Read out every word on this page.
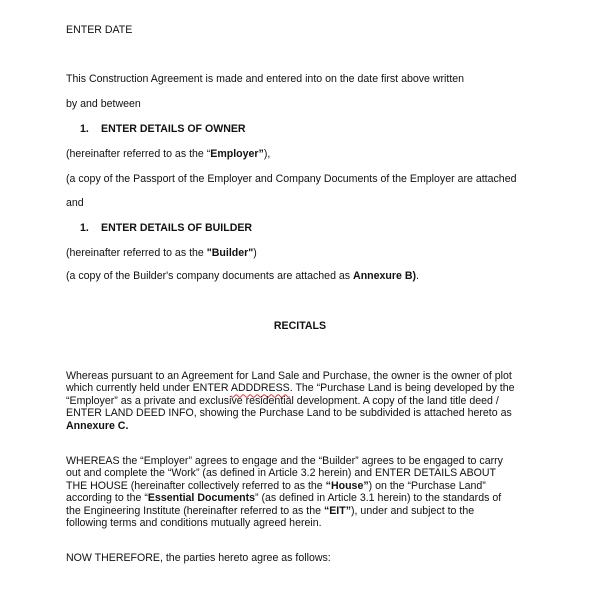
ENTER DATE
This Construction Agreement is made and entered into on the date first above written
by and between
1. ENTER DETAILS OF OWNER
(hereinafter referred to as the “Employer”),
(a copy of the Passport of the Employer and Company Documents of the Employer are attached
and
1. ENTER DETAILS OF BUILDER
(hereinafter referred to as the "Builder")
(a copy of the Builder's company documents are attached as Annexure B).
RECITALS
Whereas pursuant to an Agreement for Land Sale and Purchase, the owner is the owner of plot
which currently held under ENTER ADDDRESS. The “Purchase Land is being developed by the
“Employer” as a private and exclusive residential development. A copy of the land title deed /
ENTER LAND DEED INFO, showing the Purchase Land to be subdivided is attached hereto as
Annexure C.
WHEREAS the “Employer” agrees to engage and the “Builder” agrees to be engaged to carry
out and complete the “Work” (as defined in Article 3.2 herein) and ENTER DETAILS ABOUT
THE HOUSE (hereinafter collectively referred to as the “House”) on the “Purchase Land”
according to the “Essential Documents” (as defined in Article 3.1 herein) to the standards of
the Engineering Institute (hereinafter referred to as the “EIT”), under and subject to the
following terms and conditions mutually agreed herein.
NOW THEREFORE, the parties hereto agree as follows:
